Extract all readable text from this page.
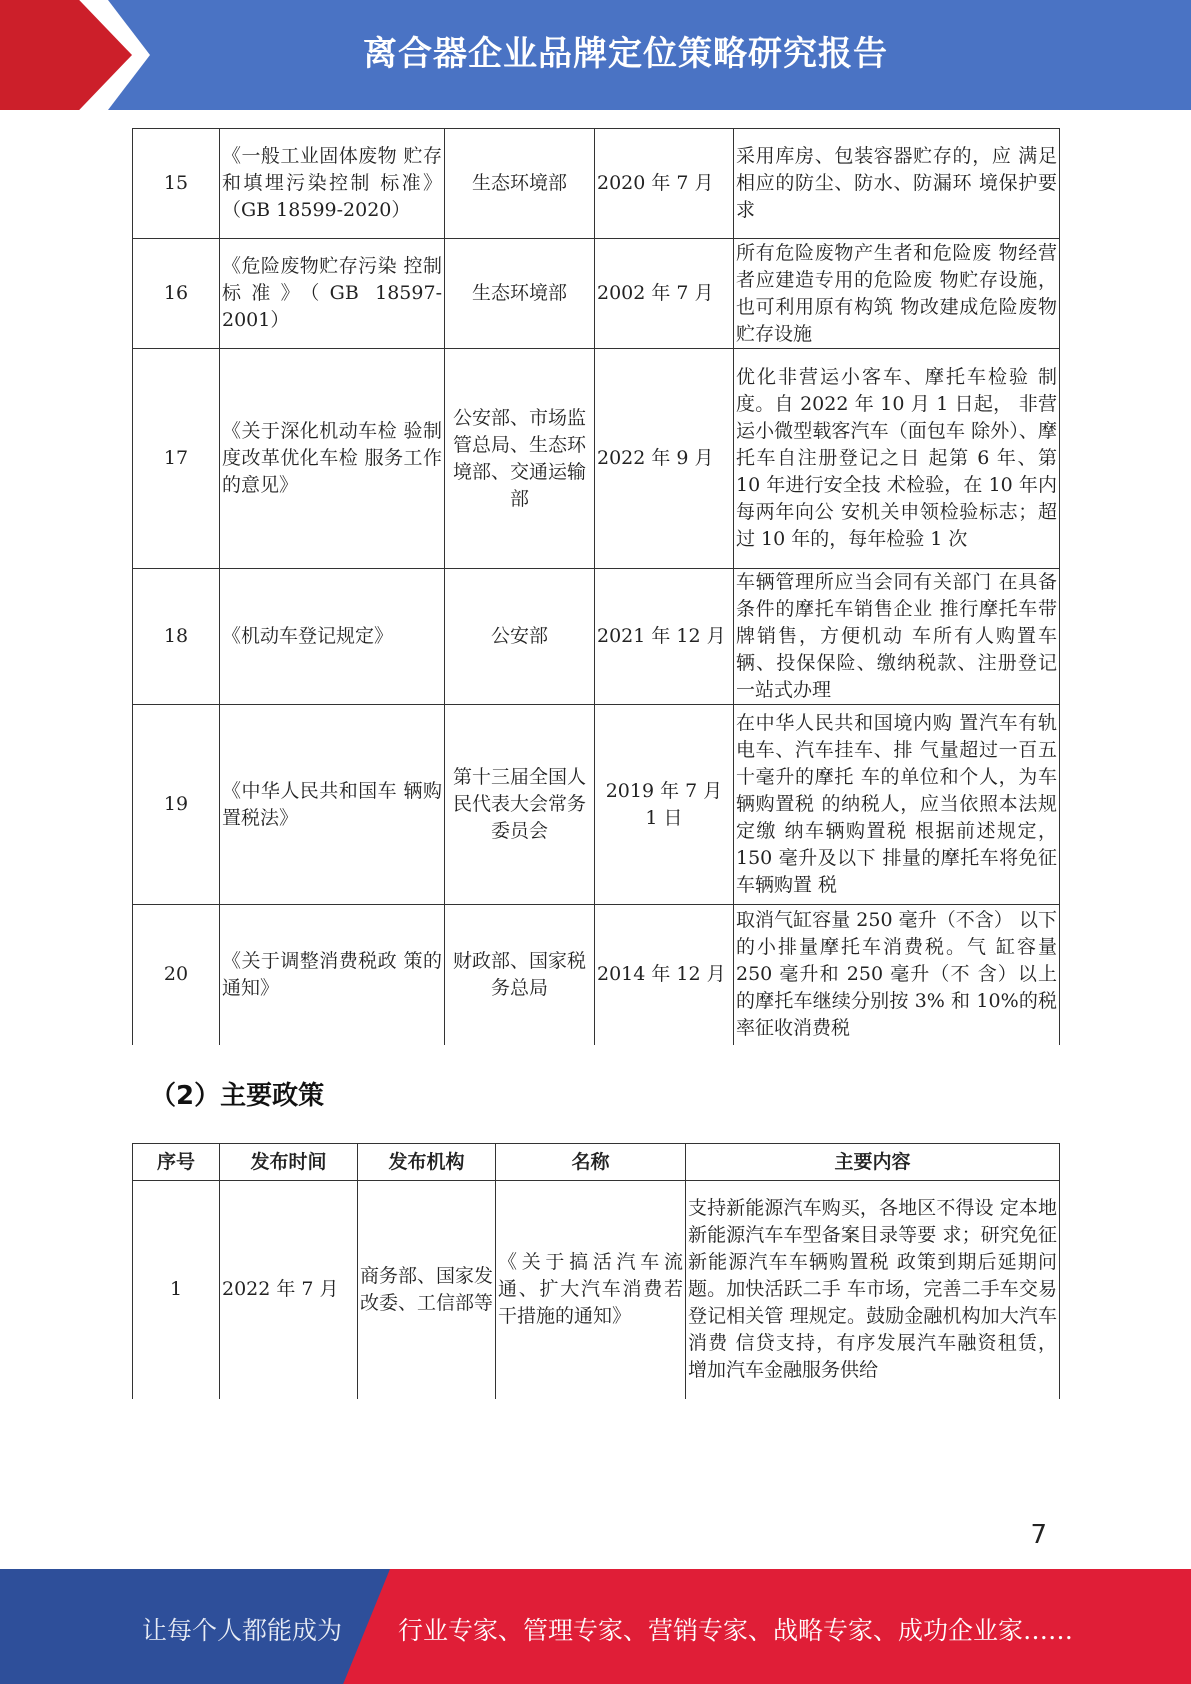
离合器企业品牌定位策略研究报告
15	《一般工业固体废物 贮存和填埋污染控制 标准》 （GB 18599-2020）	生态环境部	2020 年 7 月	采用库房、包装容器贮存的，应 满足相应的防尘、防水、防漏环 境保护要求
16	《危险废物贮存污染 控制标准》（GB 18597-2001）	生态环境部	2002 年 7 月	所有危险废物产生者和危险废 物经营者应建造专用的危险废 物贮存设施，也可利用原有构筑 物改建成危险废物贮存设施
17	《关于深化机动车检 验制度改革优化车检 服务工作的意见》	公安部、市场监管总局、生态环境部、交通运输部	2022 年 9 月	优化非营运小客车、摩托车检验 制度。自 2022 年 10 月 1 日起， 非营运小微型载客汽车（面包车 除外）、摩托车自注册登记之日 起第 6 年、第 10 年进行安全技 术检验，在 10 年内每两年向公 安机关申领检验标志；超过 10 年的，每年检验 1 次
18	《机动车登记规定》	公安部	2021 年 12 月	车辆管理所应当会同有关部门 在具备条件的摩托车销售企业 推行摩托车带牌销售，方便机动 车所有人购置车辆、投保保险、缴纳税款、注册登记一站式办理
19	《中华人民共和国车 辆购置税法》	第十三届全国人民代表大会常务委员会	2019 年 7 月 1 日	在中华人民共和国境内购 置汽车有轨电车、汽车挂车、排 气量超过一百五十毫升的摩托 车的单位和个人，为车辆购置税 的纳税人，应当依照本法规定缴 纳车辆购置税 根据前述规定，150 毫升及以下 排量的摩托车将免征车辆购置 税
20	《关于调整消费税政 策的通知》	财政部、国家税务总局	2014 年 12 月	取消气缸容量 250 毫升（不含） 以下的小排量摩托车消费税。气 缸容量 250 毫升和 250 毫升（不 含）以上的摩托车继续分别按 3% 和 10%的税率征收消费税
（2）主要政策
序号	发布时间	发布机构	名称	主要内容
1	2022 年 7 月	商务部、国家发改委、工信部等	《关于搞活汽车流通、扩大汽车消费若干措施的通知》	支持新能源汽车购买，各地区不得设 定本地新能源汽车车型备案目录等要 求；研究免征新能源汽车车辆购置税 政策到期后延期问题。加快活跃二手 车市场，完善二手车交易登记相关管 理规定。鼓励金融机构加大汽车消费 信贷支持，有序发展汽车融资租赁， 增加汽车金融服务供给
7
让每个人都能成为 行业专家、管理专家、营销专家、战略专家、成功企业家……
